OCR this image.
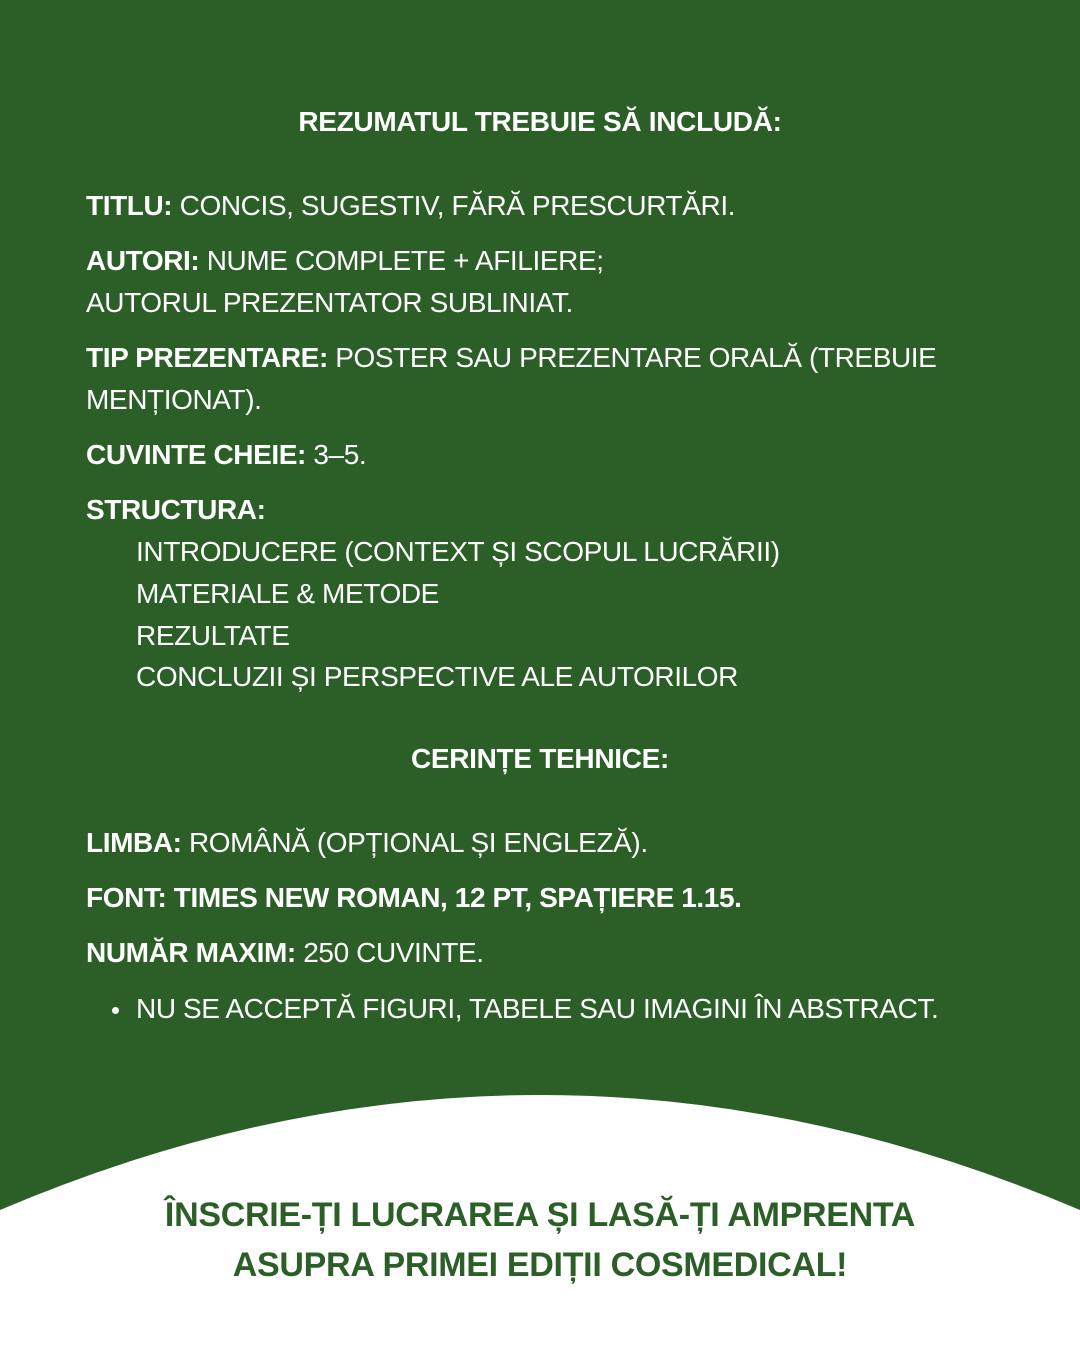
REZUMATUL TREBUIE SĂ INCLUDĂ:
TITLU: CONCIS, SUGESTIV, FĂRĂ PRESCURTĂRI.
AUTORI: NUME COMPLETE + AFILIERE;
AUTORUL PREZENTATOR SUBLINIAT.
TIP PREZENTARE: POSTER SAU PREZENTARE ORALĂ (TREBUIE
MENȚIONAT).
CUVINTE CHEIE: 3–5.
STRUCTURA:
INTRODUCERE (CONTEXT ȘI SCOPUL LUCRĂRII)
MATERIALE & METODE
REZULTATE
CONCLUZII ȘI PERSPECTIVE ALE AUTORILOR
CERINȚE TEHNICE:
LIMBA: ROMÂNĂ (OPȚIONAL ȘI ENGLEZĂ).
FONT: TIMES NEW ROMAN, 12 PT, SPAȚIERE 1.15.
NUMĂR MAXIM: 250 CUVINTE.
NU SE ACCEPTĂ FIGURI, TABELE SAU IMAGINI ÎN ABSTRACT.
ÎNSCRIE-ȚI LUCRAREA ȘI LASĂ-ȚI AMPRENTA
ASUPRA PRIMEI EDIȚII COSMEDICAL!
